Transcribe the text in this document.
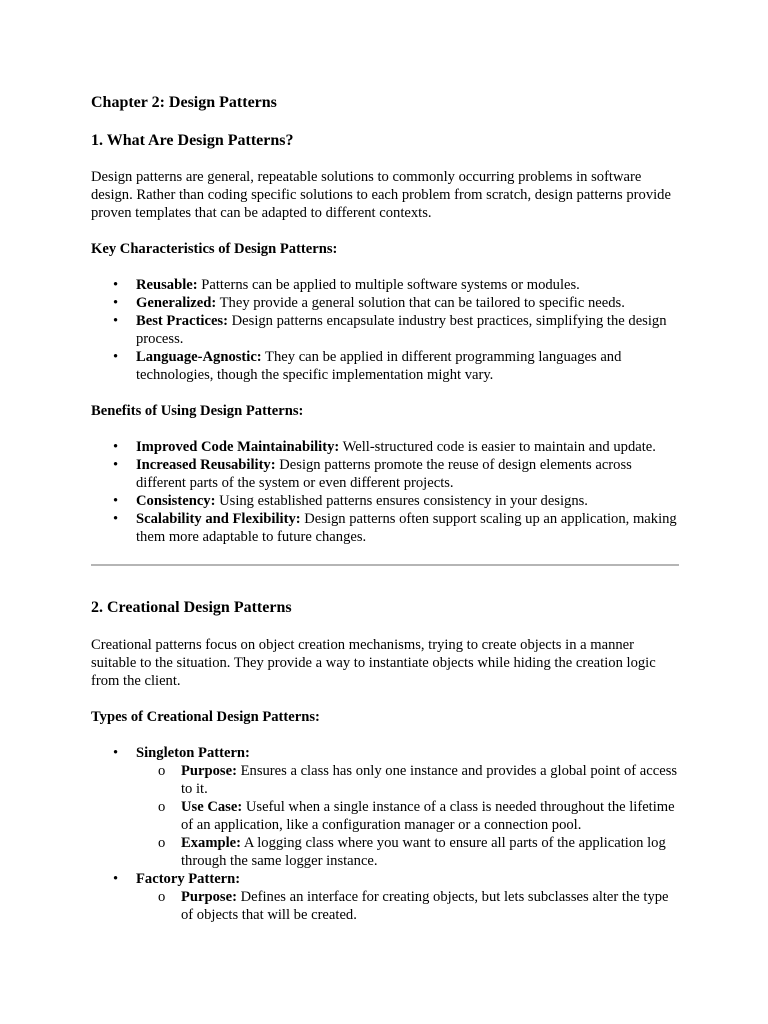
Chapter 2: Design Patterns
1. What Are Design Patterns?

Design patterns are general, repeatable solutions to commonly occurring problems in software design. Rather than coding specific solutions to each problem from scratch, design patterns provide proven templates that can be adapted to different contexts.

Key Characteristics of Design Patterns:

• Reusable: Patterns can be applied to multiple software systems or modules.
• Generalized: They provide a general solution that can be tailored to specific needs.
• Best Practices: Design patterns encapsulate industry best practices, simplifying the design process.
• Language-Agnostic: They can be applied in different programming languages and technologies, though the specific implementation might vary.

Benefits of Using Design Patterns:

• Improved Code Maintainability: Well-structured code is easier to maintain and update.
• Increased Reusability: Design patterns promote the reuse of design elements across different parts of the system or even different projects.
• Consistency: Using established patterns ensures consistency in your designs.
• Scalability and Flexibility: Design patterns often support scaling up an application, making them more adaptable to future changes.
2. Creational Design Patterns

Creational patterns focus on object creation mechanisms, trying to create objects in a manner suitable to the situation. They provide a way to instantiate objects while hiding the creation logic from the client.

Types of Creational Design Patterns:

• Singleton Pattern:
o Purpose: Ensures a class has only one instance and provides a global point of access to it.
o Use Case: Useful when a single instance of a class is needed throughout the lifetime of an application, like a configuration manager or a connection pool.
o Example: A logging class where you want to ensure all parts of the application log through the same logger instance.
• Factory Pattern:
o Purpose: Defines an interface for creating objects, but lets subclasses alter the type of objects that will be created.
